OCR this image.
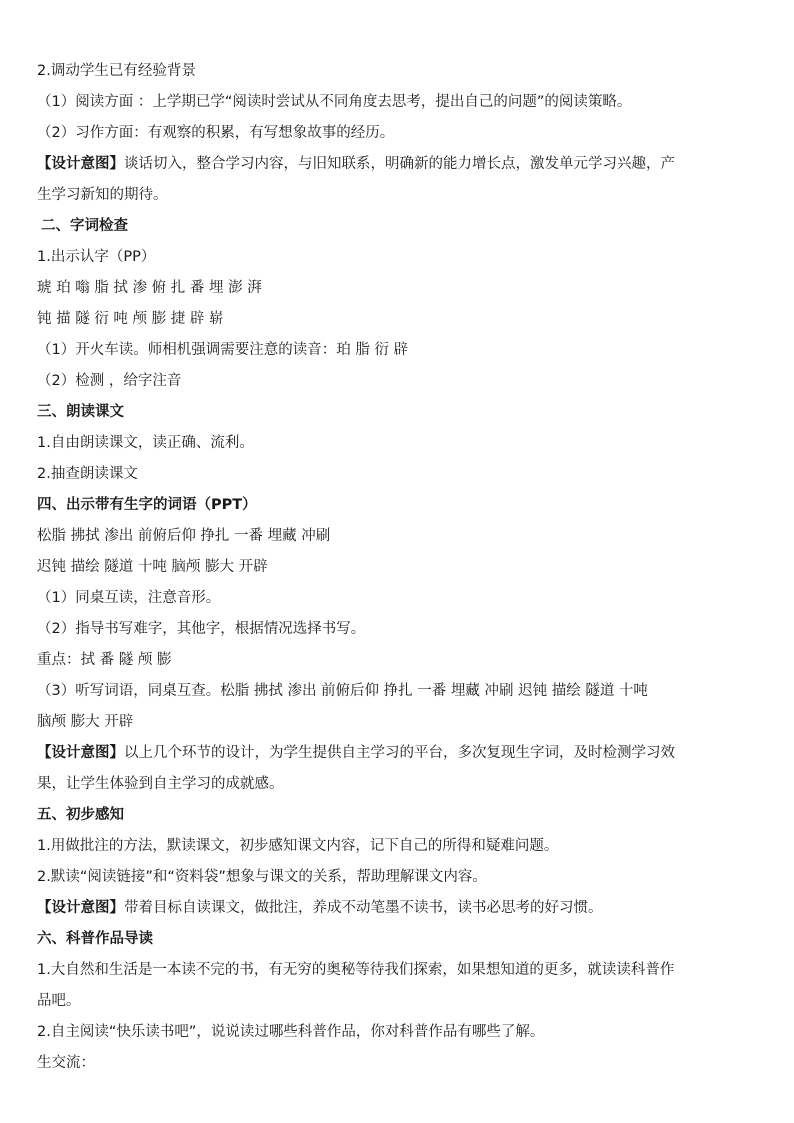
2.调动学生已有经验背景
（1）阅读方面 ：上学期已学“阅读时尝试从不同角度去思考，提出自己的问题”的阅读策略。
（2）习作方面：有观察的积累，有写想象故事的经历。
【设计意图】谈话切入，整合学习内容，与旧知联系，明确新的能力增长点，激发单元学习兴趣，产
生学习新知的期待。
二、字词检查
1.出示认字（PP）
琥 珀 嗡 脂 拭 渗 俯 扎 番 埋 澎 湃
钝 描 隧 衍 吨 颅 膨 捷 辟 崭
（1）开火车读。师相机强调需要注意的读音：珀 脂 衍 辟
（2）检测 ，给字注音
三、朗读课文
1.自由朗读课文，读正确、流利。
2.抽查朗读课文
四、出示带有生字的词语（PPT）
松脂 拂拭 渗出 前俯后仰 挣扎 一番 埋藏 冲刷
迟钝 描绘 隧道 十吨 脑颅 膨大 开辟
（1）同桌互读，注意音形。
（2）指导书写难字，其他字，根据情况选择书写。
重点：拭 番 隧 颅 膨
（3）听写词语，同桌互查。松脂 拂拭 渗出 前俯后仰 挣扎 一番 埋藏 冲刷 迟钝 描绘 隧道 十吨
脑颅 膨大 开辟
【设计意图】以上几个环节的设计，为学生提供自主学习的平台，多次复现生字词，及时检测学习效
果，让学生体验到自主学习的成就感。
五、初步感知
1.用做批注的方法，默读课文，初步感知课文内容，记下自己的所得和疑难问题。
2.默读“阅读链接”和“资料袋”想象与课文的关系，帮助理解课文内容。
【设计意图】带着目标自读课文，做批注，养成不动笔墨不读书，读书必思考的好习惯。
六、科普作品导读
1.大自然和生活是一本读不完的书，有无穷的奥秘等待我们探索，如果想知道的更多，就读读科普作
品吧。
2.自主阅读“快乐读书吧”，说说读过哪些科普作品，你对科普作品有哪些了解。
生交流：
